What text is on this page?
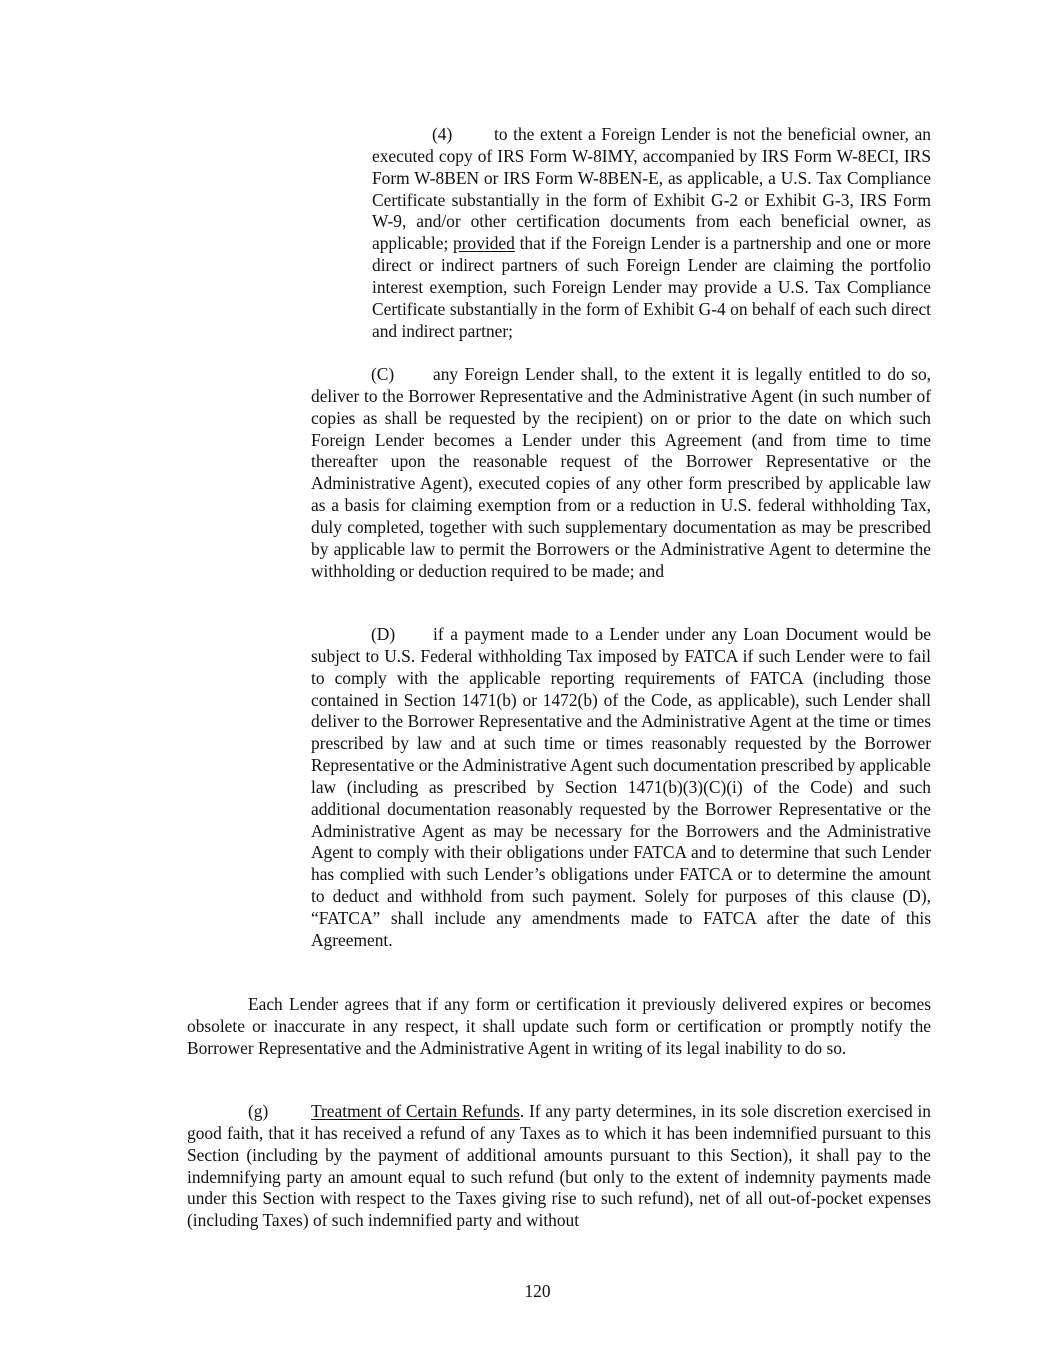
(4) to the extent a Foreign Lender is not the beneficial owner, an executed copy of IRS Form W-8IMY, accompanied by IRS Form W-8ECI, IRS Form W-8BEN or IRS Form W-8BEN-E, as applicable, a U.S. Tax Compliance Certificate substantially in the form of Exhibit G-2 or Exhibit G-3, IRS Form W-9, and/or other certification documents from each beneficial owner, as applicable; provided that if the Foreign Lender is a partnership and one or more direct or indirect partners of such Foreign Lender are claiming the portfolio interest exemption, such Foreign Lender may provide a U.S. Tax Compliance Certificate substantially in the form of Exhibit G-4 on behalf of each such direct and indirect partner;

(C) any Foreign Lender shall, to the extent it is legally entitled to do so, deliver to the Borrower Representative and the Administrative Agent (in such number of copies as shall be requested by the recipient) on or prior to the date on which such Foreign Lender becomes a Lender under this Agreement (and from time to time thereafter upon the reasonable request of the Borrower Representative or the Administrative Agent), executed copies of any other form prescribed by applicable law as a basis for claiming exemption from or a reduction in U.S. federal withholding Tax, duly completed, together with such supplementary documentation as may be prescribed by applicable law to permit the Borrowers or the Administrative Agent to determine the withholding or deduction required to be made; and

(D) if a payment made to a Lender under any Loan Document would be subject to U.S. Federal withholding Tax imposed by FATCA if such Lender were to fail to comply with the applicable reporting requirements of FATCA (including those contained in Section 1471(b) or 1472(b) of the Code, as applicable), such Lender shall deliver to the Borrower Representative and the Administrative Agent at the time or times prescribed by law and at such time or times reasonably requested by the Borrower Representative or the Administrative Agent such documentation prescribed by applicable law (including as prescribed by Section 1471(b)(3)(C)(i) of the Code) and such additional documentation reasonably requested by the Borrower Representative or the Administrative Agent as may be necessary for the Borrowers and the Administrative Agent to comply with their obligations under FATCA and to determine that such Lender has complied with such Lender’s obligations under FATCA or to determine the amount to deduct and withhold from such payment. Solely for purposes of this clause (D), “FATCA” shall include any amendments made to FATCA after the date of this Agreement.

Each Lender agrees that if any form or certification it previously delivered expires or becomes obsolete or inaccurate in any respect, it shall update such form or certification or promptly notify the Borrower Representative and the Administrative Agent in writing of its legal inability to do so.

(g) Treatment of Certain Refunds. If any party determines, in its sole discretion exercised in good faith, that it has received a refund of any Taxes as to which it has been indemnified pursuant to this Section (including by the payment of additional amounts pursuant to this Section), it shall pay to the indemnifying party an amount equal to such refund (but only to the extent of indemnity payments made under this Section with respect to the Taxes giving rise to such refund), net of all out-of-pocket expenses (including Taxes) of such indemnified party and without

120
